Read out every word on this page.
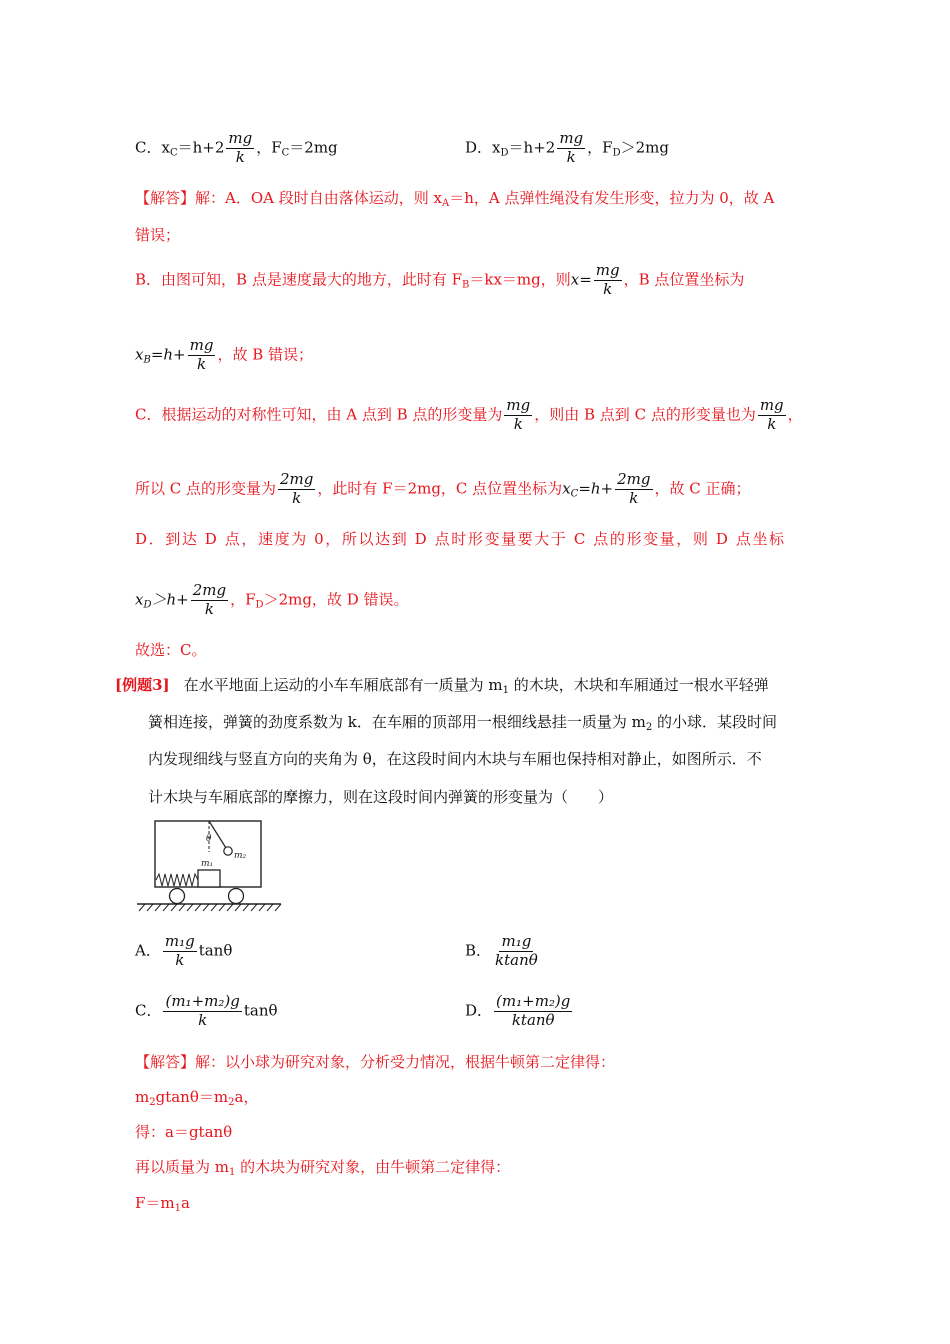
C．$x_C=h+2 \frac{mg}{k}$ ，$F_C=2mg$	D．$x_D=h+2 \frac{mg}{k}$ ，$F_D>2mg$
【解答】解：A．OA 段时自由落体运动，则 $x_A=h$，A 点弹性绳没有发生形变，拉力为 0，故 A
错误；
B．由图可知，B 点是速度最大的地方，此时有 $F_B=kx=mg$，则$x= \frac{mg}{k}$ ，B 点位置坐标为
$x_B=h+ \frac{mg}{k}$ ，故 B 错误；
C．根据运动的对称性可知，由 A 点到 B 点的形变量为 $\frac{mg}{k}$ ，则由 B 点到 C 点的形变量也为 $\frac{mg}{k}$ ，
所以 C 点的形变量为 $\frac{2mg}{k}$ ，此时有 F＝2mg，C 点位置坐标为$x_C=h+ \frac{2mg}{k}$ ，故 C 正确；
D．到达 D 点，速度为 0，所以达到 D 点时形变量要大于 C 点的形变量，则 D 点坐标
$x_D>h+ \frac{2mg}{k}$ ，$F_D>2mg$，故 D 错误。
故选：C。
[例题3] 在水平地面上运动的小车车厢底部有一质量为 $m_1$ 的木块，木块和车厢通过一根水平轻弹
簧相连接，弹簧的劲度系数为 k．在车厢的顶部用一根细线悬挂一质量为 $m_2$ 的小球．某段时间
内发现细线与竖直方向的夹角为 θ，在这段时间内木块与车厢也保持相对静止，如图所示．不
计木块与车厢底部的摩擦力，则在这段时间内弹簧的形变量为（　　）
θ
m₂
m₁
A． $\frac{\text{m₁g}}{k}$ tanθ	B． $\frac{\text{m₁g}}{ktan\theta}$
C． $\frac{\text{(m₁+m₂)g}}{k}$ tanθ	D． $\frac{\text{(m₁+m₂)g}}{ktan\theta}$
【解答】解：以小球为研究对象，分析受力情况，根据牛顿第二定律得：
$m_2gtan\theta=m_2a$，
得：a＝gtanθ
再以质量为 $m_1$ 的木块为研究对象，由牛顿第二定律得：
$F=m_1a$
